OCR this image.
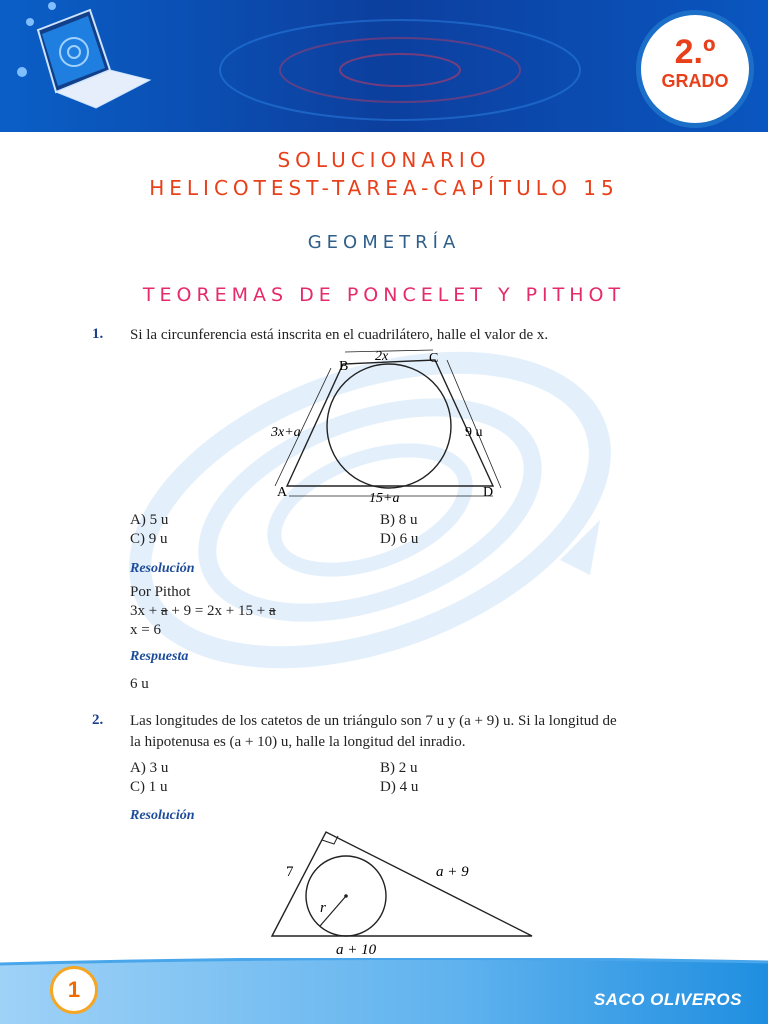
2.º
GRADO
SOLUCIONARIO
HELICOTEST-TAREA-CAPÍTULO 15
GEOMETRÍA
TEOREMAS DE PONCELET Y PITHOT
1. Si la circunferencia está inscrita en el cuadrilátero, halle el valor de x.
B
C
A	D
2x
3x+a	9 u
15+a
A) 5 u	B) 8 u
C) 9 u	D) 6 u
Resolución
Por Pithot
3x + a + 9 = 2x + 15 + a
x = 6
Respuesta
6 u
2. Las longitudes de los catetos de un triángulo son 7 u y (a + 9) u. Si la longitud de
la hipotenusa es (a + 10) u, halle la longitud del inradio.
A) 3 u	B) 2 u
C) 1 u	D) 4 u
Resolución
7	a + 9
r
a + 10
1	SACO OLIVEROS
